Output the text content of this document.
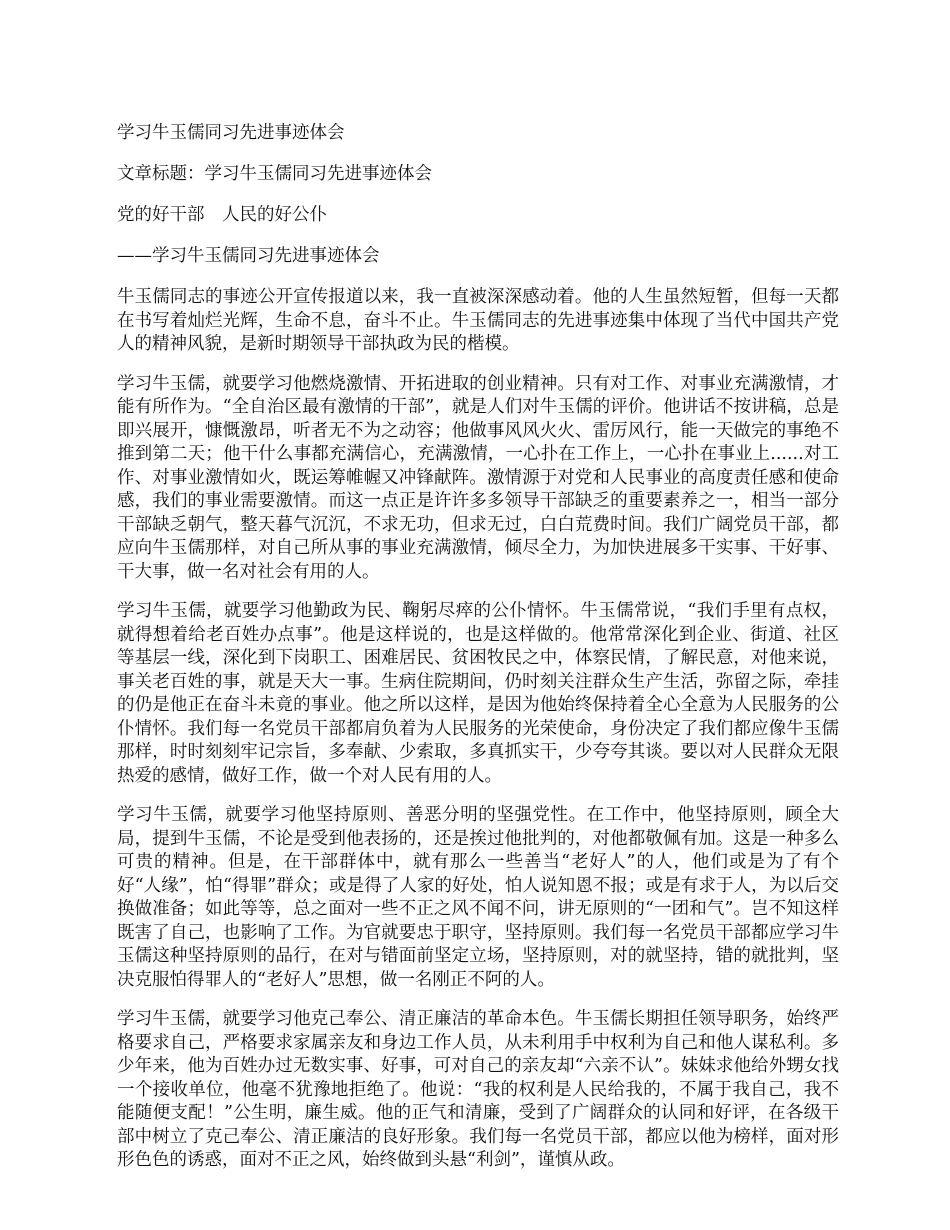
学习牛玉儒同习先进事迹体会
文章标题：学习牛玉儒同习先进事迹体会
党的好干部　人民的好公仆
——学习牛玉儒同习先进事迹体会

牛玉儒同志的事迹公开宣传报道以来，我一直被深深感动着。他的人生虽然短暂，但每一天都在书写着灿烂光辉，生命不息，奋斗不止。牛玉儒同志的先进事迹集中体现了当代中国共产党人的精神风貌，是新时期领导干部执政为民的楷模。

学习牛玉儒，就要学习他燃烧激情、开拓进取的创业精神。只有对工作、对事业充满激情，才能有所作为。“全自治区最有激情的干部”，就是人们对牛玉儒的评价。他讲话不按讲稿，总是即兴展开，慷慨激昂，听者无不为之动容；他做事风风火火、雷厉风行，能一天做完的事绝不推到第二天；他干什么事都充满信心，充满激情，一心扑在工作上，一心扑在事业上......对工作、对事业激情如火，既运筹帷幄又冲锋献阵。激情源于对党和人民事业的高度责任感和使命感，我们的事业需要激情。而这一点正是许许多多领导干部缺乏的重要素养之一，相当一部分干部缺乏朝气，整天暮气沉沉，不求无功，但求无过，白白荒费时间。我们广阔党员干部，都应向牛玉儒那样，对自己所从事的事业充满激情，倾尽全力，为加快进展多干实事、干好事、干大事，做一名对社会有用的人。

学习牛玉儒，就要学习他勤政为民、鞠躬尽瘁的公仆情怀。牛玉儒常说，“我们手里有点权，就得想着给老百姓办点事”。他是这样说的，也是这样做的。他常常深化到企业、街道、社区等基层一线，深化到下岗职工、困难居民、贫困牧民之中，体察民情，了解民意，对他来说，事关老百姓的事，就是天大一事。生病住院期间，仍时刻关注群众生产生活，弥留之际，牵挂的仍是他正在奋斗未竟的事业。他之所以这样，是因为他始终保持着全心全意为人民服务的公仆情怀。我们每一名党员干部都肩负着为人民服务的光荣使命，身份决定了我们都应像牛玉儒那样，时时刻刻牢记宗旨，多奉献、少索取，多真抓实干，少夸夸其谈。要以对人民群众无限热爱的感情，做好工作，做一个对人民有用的人。

学习牛玉儒，就要学习他坚持原则、善恶分明的坚强党性。在工作中，他坚持原则，顾全大局，提到牛玉儒，不论是受到他表扬的，还是挨过他批判的，对他都敬佩有加。这是一种多么可贵的精神。但是，在干部群体中，就有那么一些善当“老好人”的人，他们或是为了有个好“人缘”，怕“得罪”群众；或是得了人家的好处，怕人说知恩不报；或是有求于人，为以后交换做准备；如此等等，总之面对一些不正之风不闻不问，讲无原则的“一团和气”。岂不知这样既害了自己，也影响了工作。为官就要忠于职守，坚持原则。我们每一名党员干部都应学习牛玉儒这种坚持原则的品行，在对与错面前坚定立场，坚持原则，对的就坚持，错的就批判，坚决克服怕得罪人的“老好人”思想，做一名刚正不阿的人。

学习牛玉儒，就要学习他克己奉公、清正廉洁的革命本色。牛玉儒长期担任领导职务，始终严格要求自己，严格要求家属亲友和身边工作人员，从未利用手中权利为自己和他人谋私利。多少年来，他为百姓办过无数实事、好事，可对自己的亲友却“六亲不认”。妹妹求他给外甥女找一个接收单位，他毫不犹豫地拒绝了。他说：“我的权利是人民给我的，不属于我自己，我不能随便支配！”公生明，廉生威。他的正气和清廉，受到了广阔群众的认同和好评，在各级干部中树立了克己奉公、清正廉洁的良好形象。我们每一名党员干部，都应以他为榜样，面对形形色色的诱惑，面对不正之风，始终做到头悬“利剑”，谨慎从政。
